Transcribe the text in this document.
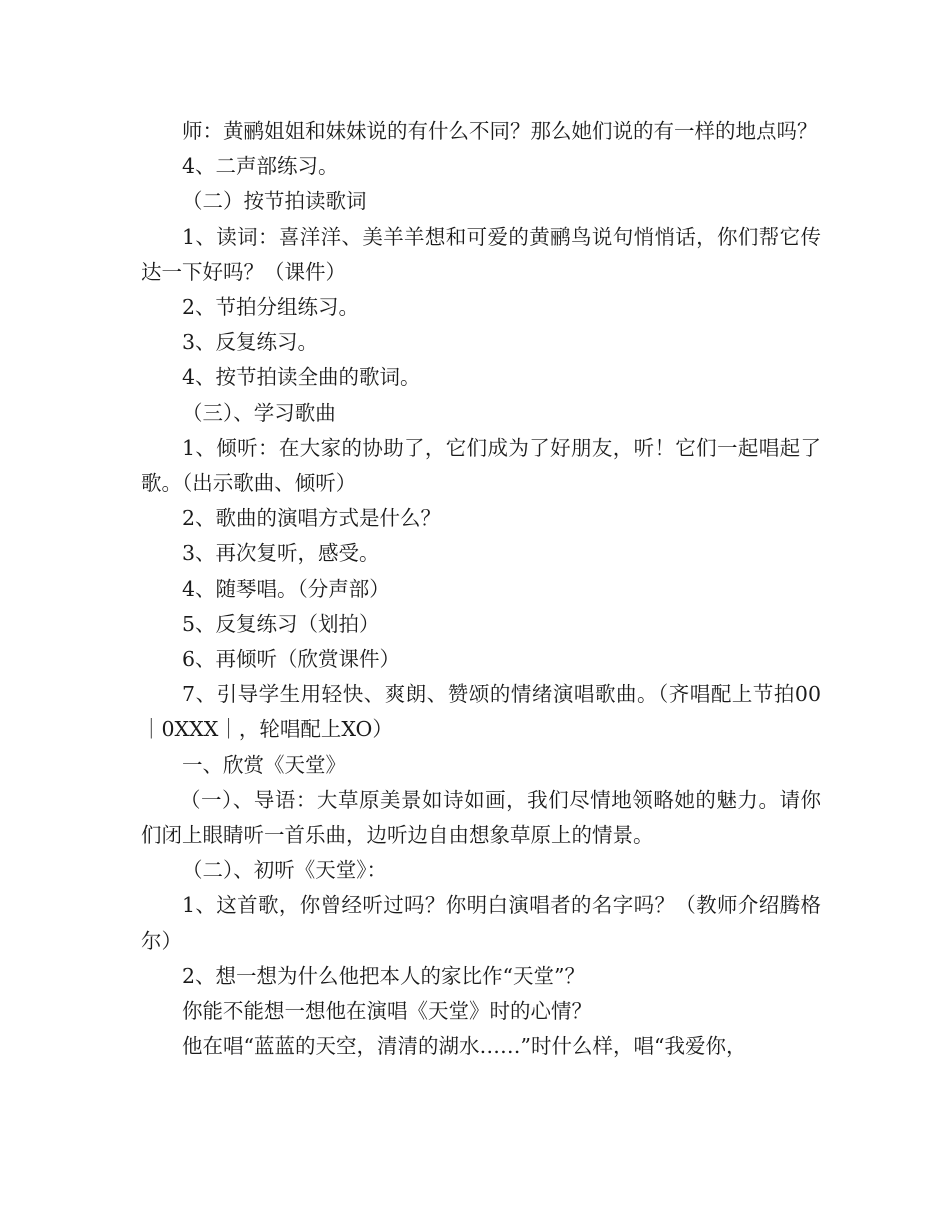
师：黄鹂姐姐和妹妹说的有什么不同？那么她们说的有一样的地点吗？

4、二声部练习。

（二）按节拍读歌词

1、读词：喜洋洋、美羊羊想和可爱的黄鹂鸟说句悄悄话，你们帮它传达一下好吗？（课件）

2、节拍分组练习。

3、反复练习。

4、按节拍读全曲的歌词。

（三）、学习歌曲

1、倾听：在大家的协助了，它们成为了好朋友，听！它们一起唱起了歌。（出示歌曲、倾听）

2、歌曲的演唱方式是什么？

3、再次复听，感受。

4、随琴唱。（分声部）

5、反复练习（划拍）

6、再倾听（欣赏课件）

7、引导学生用轻快、爽朗、赞颂的情绪演唱歌曲。（齐唱配上节拍00｜0XXX｜，轮唱配上XO）

一、欣赏《天堂》

（一）、导语：大草原美景如诗如画，我们尽情地领略她的魅力。请你们闭上眼睛听一首乐曲，边听边自由想象草原上的情景。

（二）、初听《天堂》：

1、这首歌，你曾经听过吗？你明白演唱者的名字吗？（教师介绍腾格尔）

2、想一想为什么他把本人的家比作“天堂”？

你能不能想一想他在演唱《天堂》时的心情？

他在唱“蓝蓝的天空，清清的湖水……”时什么样，唱“我爱你，
